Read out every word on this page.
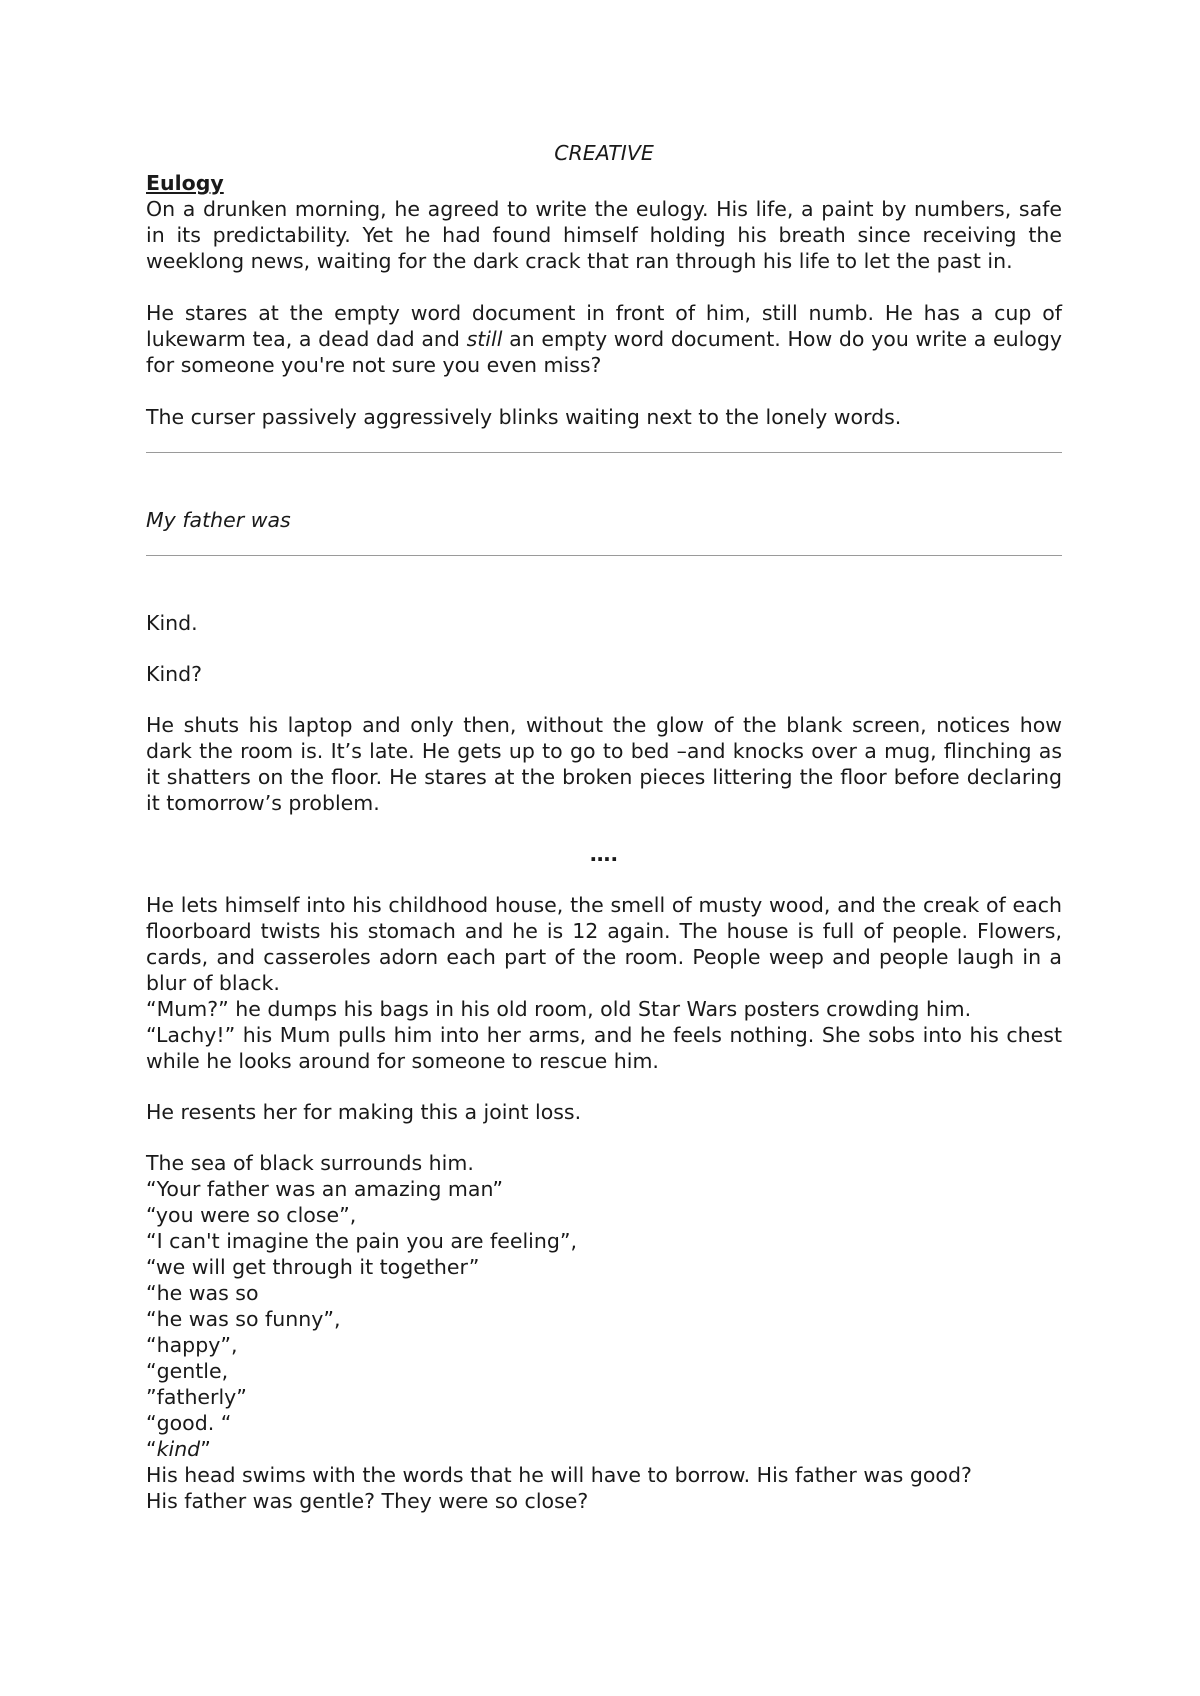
CREATIVE

Eulogy

On a drunken morning, he agreed to write the eulogy. His life, a paint by numbers, safe in its predictability. Yet he had found himself holding his breath since receiving the weeklong news, waiting for the dark crack that ran through his life to let the past in.

He stares at the empty word document in front of him, still numb. He has a cup of lukewarm tea, a dead dad and still an empty word document. How do you write a eulogy for someone you're not sure you even miss?

The curser passively aggressively blinks waiting next to the lonely words.

My father was

Kind.

Kind?

He shuts his laptop and only then, without the glow of the blank screen, notices how dark the room is. It’s late. He gets up to go to bed –and knocks over a mug, flinching as it shatters on the floor. He stares at the broken pieces littering the floor before declaring it tomorrow’s problem.

….

He lets himself into his childhood house, the smell of musty wood, and the creak of each floorboard twists his stomach and he is 12 again. The house is full of people. Flowers, cards, and casseroles adorn each part of the room. People weep and people laugh in a blur of black.

“Mum?” he dumps his bags in his old room, old Star Wars posters crowding him.

“Lachy!” his Mum pulls him into her arms, and he feels nothing. She sobs into his chest while he looks around for someone to rescue him.

He resents her for making this a joint loss.

The sea of black surrounds him.

“Your father was an amazing man”

“you were so close”,

“I can't imagine the pain you are feeling”,

“we will get through it together”

“he was so

“he was so funny”,

“happy”,

“gentle,

”fatherly”

“good. “

“kind”

His head swims with the words that he will have to borrow. His father was good?

His father was gentle? They were so close?
